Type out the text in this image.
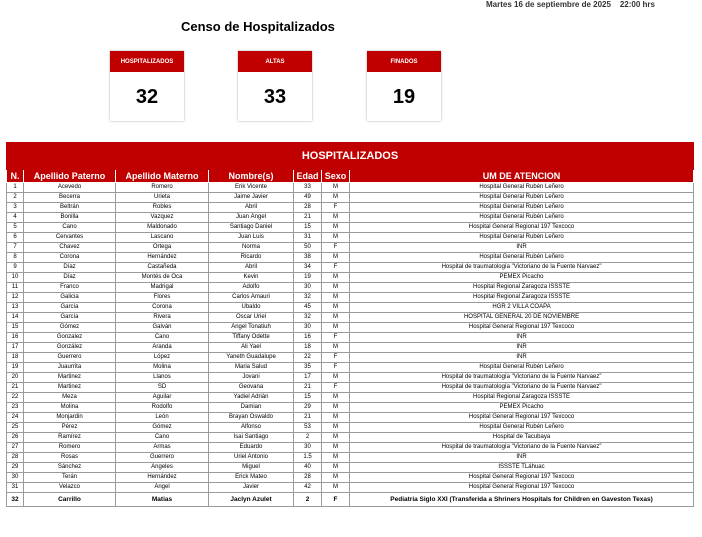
Martes 16 de septiembre de 2025 22:00 hrs
Censo de Hospitalizados
HOSPITALIZADOS
32
ALTAS
33
FINADOS
19
HOSPITALIZADOS						
N.	Apellido Paterno	Apellido Materno	Nombre(s)	Edad	Sexo	UM DE ATENCION
1	Acevedo	Romero	Erik Vicente	33	M	Hospital General Rubén Leñero
2	Becerra	Urieta	Jaime Javier	49	M	Hospital General Rubén Leñero
3	Beltrán	Robles	Abril	28	F	Hospital General Rubén Leñero
4	Bonilla	Vazquez	Juan Ángel	21	M	Hospital General Rubén Leñero
5	Cano	Maldonado	Santiago Daniel	15	M	Hospital General Regional 197 Texcoco
6	Cervantes	Lascano	Juan Luis	31	M	Hospital General Rubén Leñero
7	Chavez	Ortega	Norma	50	F	INR
8	Corona	Hernández	Ricardo	38	M	Hospital General Rubén Leñero
9	Díaz	Castañeda	Abril	34	F	Hospital de traumatología "Victoriano de la Fuente Narvaez"
10	Díaz	Montés de Oca	Kevin	19	M	PEMEX Picacho
11	Franco	Madrigal	Adolfo	30	M	Hospital Regional Zaragoza ISSSTE
12	Galicia	Flores	Carlos Amauri	32	M	Hospital Regional Zaragoza ISSSTE
13	García	Corona	Ubaldo	45	M	HGR 2 VILLA COAPA
14	García	Rivera	Oscar Uriel	32	M	HOSPITAL GENERAL 20 DE NOVIEMBRE
15	Gómez	Galván	Ángel Tonatiuh	30	M	Hospital General Regional 197 Texcoco
16	Gonzalez	Cano	Tiffany Odette	16	F	INR
17	González	Aranda	Ali Yael	18	M	INR
18	Guerrero	López	Yaneth Guadalupe	22	F	INR
19	Juaurrita	Molina	Maria Salud	35	F	Hospital General Rubén Leñero
20	Martinez	Llanos	Jovani	17	M	Hospital de traumatología "Victoriano de la Fuente Narvaez"
21	Martinez	SD	Geovana	21	F	Hospital de traumatología "Victoriano de la Fuente Narvaez"
22	Meza	Aguilar	Yadiel Adrián	15	M	Hospital Regional Zaragoza ISSSTE
23	Molina	Rodolfo	Damian	29	M	PEMEX Picacho
24	Monjardin	León	Brayan Oswaldo	21	M	Hospital General Regional 197 Texcoco
25	Pérez	Gómez	Alfonso	53	M	Hospital General Rubén Leñero
26	Ramírez	Cano	Isai Santiago	2	M	Hospital de Tacubaya
27	Romero	Armas	Eduardo	30	M	Hospital de traumatología "Victoriano de la Fuente Narvaez"
28	Rosas	Guerrero	Uriel Antonio	1.5	M	INR
29	Sánchez	Angeles	Miguel	40	M	ISSSTE TLáhuac
30	Terán	Hernández	Erick Mateo	28	M	Hospital General Regional 197 Texcoco
31	Velazco	Ángel	Javier	42	M	Hospital General Regional 197 Texcoco
32	Carrillo	Matias	Jaclyn Azulet	2	F	Pediatria Siglo XXI (Transferida a Shriners Hospitals for Children en Gaveston Texas)
